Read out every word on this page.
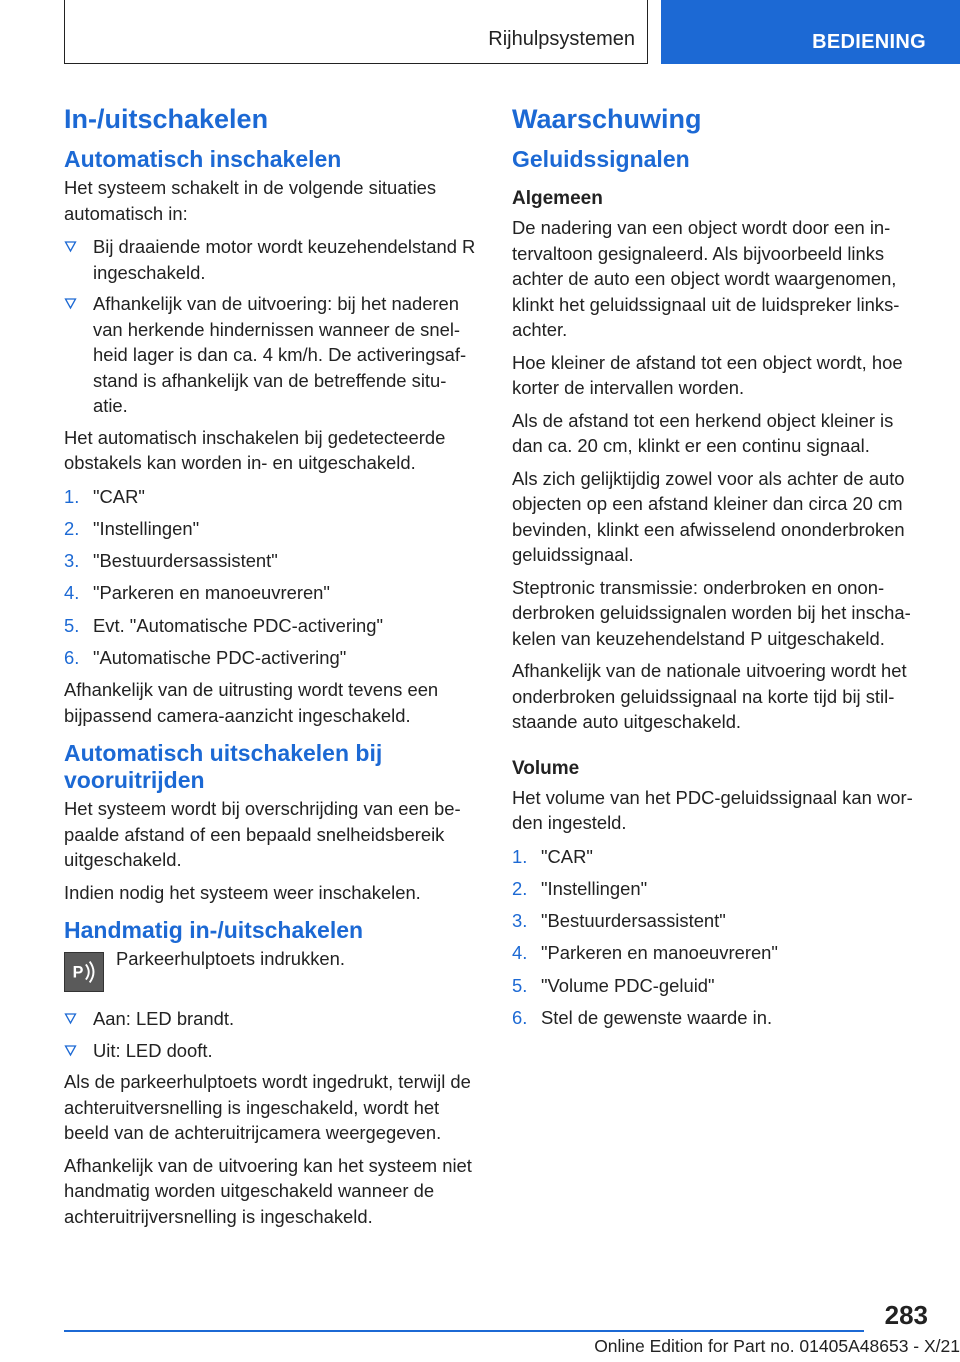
Rijhulpsystemen	BEDIENING
In-/uitschakelen
Automatisch inschakelen

Het systeem schakelt in de volgende situaties automatisch in:

Bij draaiende motor wordt keuzehendelstand R ingeschakeld.
Afhankelijk van de uitvoering: bij het naderen van herkende hindernissen wanneer de snel-heid lager is dan ca. 4 km/h. De activeringsaf-stand is afhankelijk van de betreffende situ-atie.

Het automatisch inschakelen bij gedetecteerde obstakels kan worden in- en uitgeschakeld.

1. "CAR"
2. "Instellingen"
3. "Bestuurdersassistent"
4. "Parkeren en manoeuvreren"
5. Evt. "Automatische PDC-activering"
6. "Automatische PDC-activering"

Afhankelijk van de uitrusting wordt tevens een bijpassend camera-aanzicht ingeschakeld.

Automatisch uitschakelen bij vooruitrijden

Het systeem wordt bij overschrijding van een be-paalde afstand of een bepaald snelheidsbereik uitgeschakeld.

Indien nodig het systeem weer inschakelen.

Handmatig in-/uitschakelen
P

Parkeerhulptoets indrukken.

Aan: LED brandt.
Uit: LED dooft.

Als de parkeerhulptoets wordt ingedrukt, terwijl de achteruitversnelling is ingeschakeld, wordt het beeld van de achteruitrijcamera weergegeven.

Afhankelijk van de uitvoering kan het systeem niet handmatig worden uitgeschakeld wanneer de achteruitrijversnelling is ingeschakeld.

Waarschuwing
Geluidssignalen
Algemeen

De nadering van een object wordt door een in-tervaltoon gesignaleerd. Als bijvoorbeeld links achter de auto een object wordt waargenomen, klinkt het geluidssignaal uit de luidspreker links-achter.

Hoe kleiner de afstand tot een object wordt, hoe korter de intervallen worden.

Als de afstand tot een herkend object kleiner is dan ca. 20 cm, klinkt er een continu signaal.

Als zich gelijktijdig zowel voor als achter de auto objecten op een afstand kleiner dan circa 20 cm bevinden, klinkt een afwisselend ononderbroken geluidssignaal.

Steptronic transmissie: onderbroken en onon-derbroken geluidssignalen worden bij het inscha-kelen van keuzehendelstand P uitgeschakeld.

Afhankelijk van de nationale uitvoering wordt het onderbroken geluidssignaal na korte tijd bij stil-staande auto uitgeschakeld.

Volume

Het volume van het PDC-geluidssignaal kan wor-den ingesteld.

1. "CAR"
2. "Instellingen"
3. "Bestuurdersassistent"
4. "Parkeren en manoeuvreren"
5. "Volume PDC-geluid"
6. Stel de gewenste waarde in.
283
Online Edition for Part no. 01405A48653 - X/21
